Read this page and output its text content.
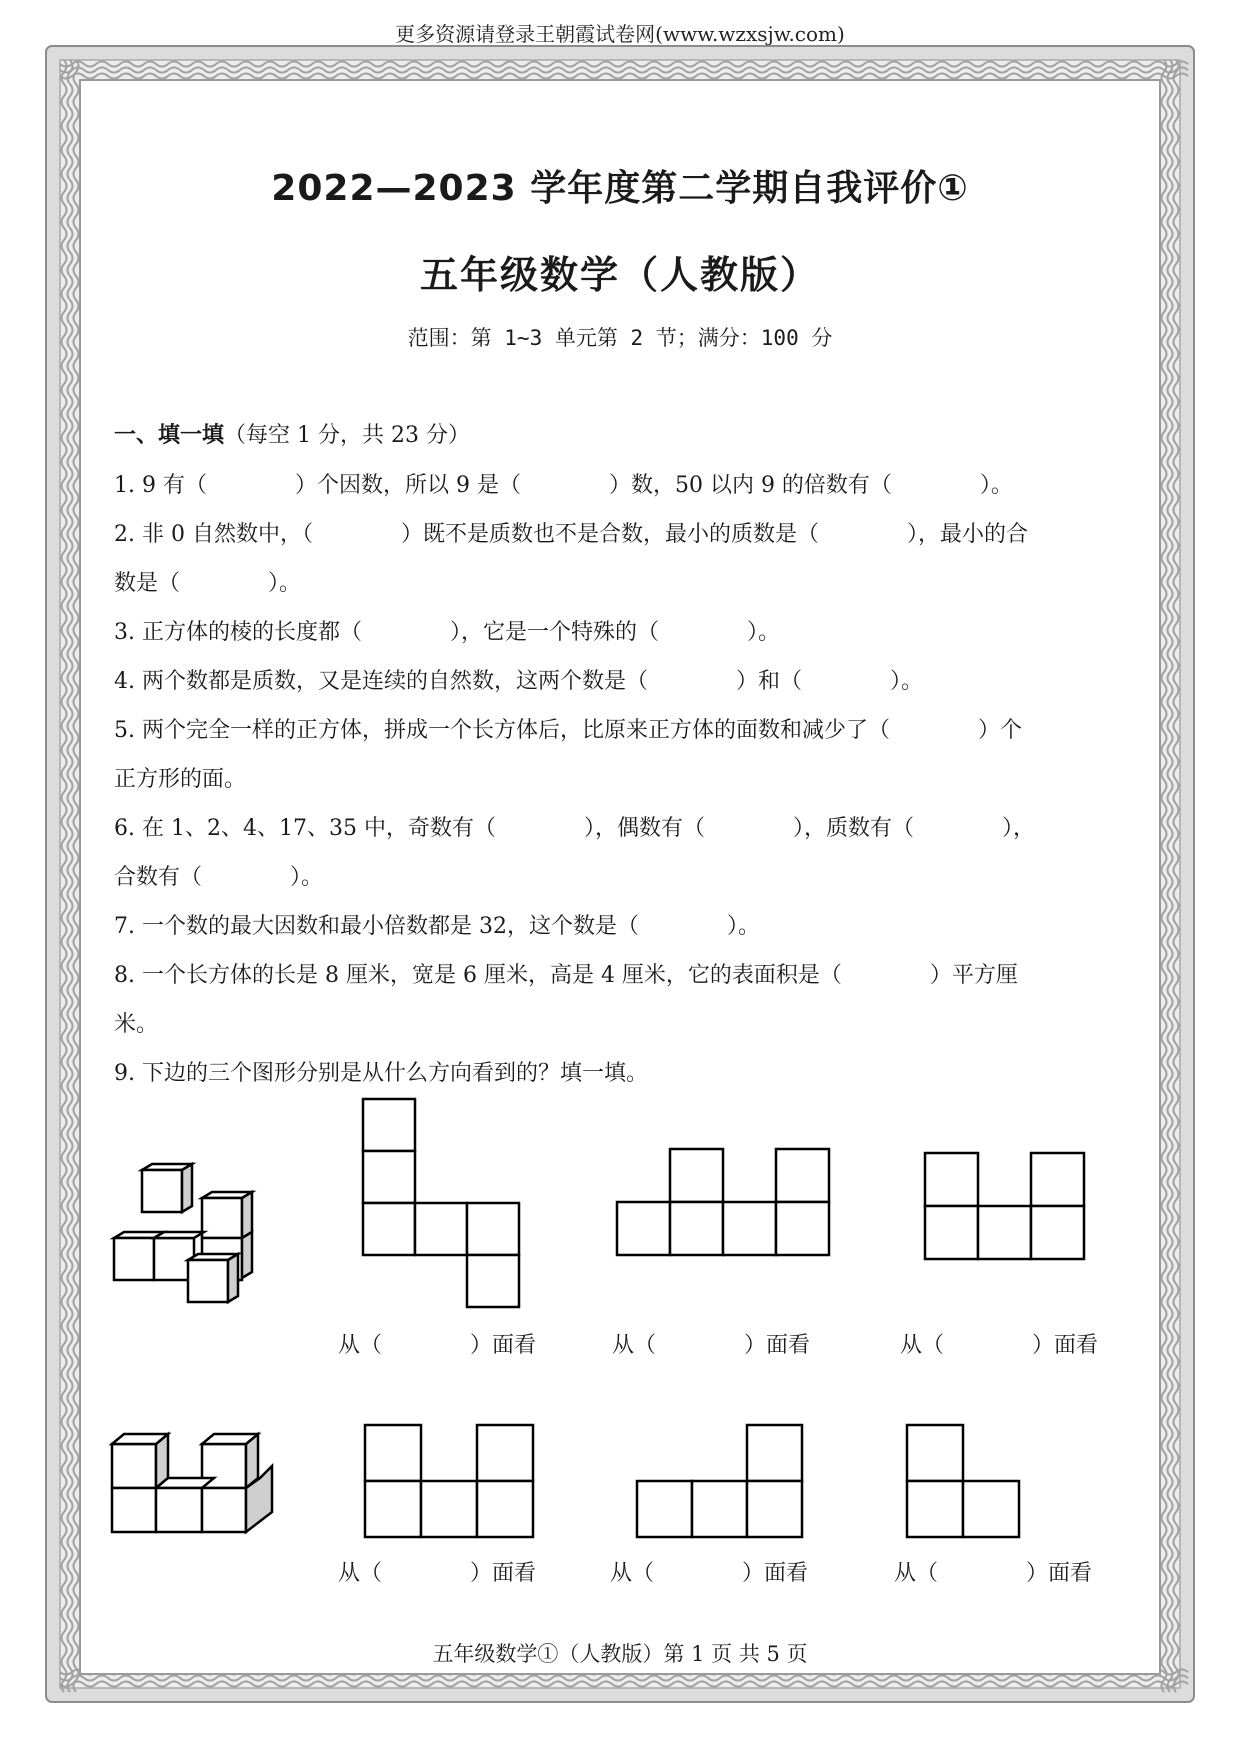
更多资源请登录王朝霞试卷网(www.wzxsjw.com)
2022—2023 学年度第二学期自我评价①
五年级数学（人教版）
范围：第 1~3 单元第 2 节；满分：100 分
一、填一填（每空 1 分，共 23 分）
1. 9 有（　　　　）个因数，所以 9 是（　　　　）数，50 以内 9 的倍数有（　　　　）。
2. 非 0 自然数中，（　　　　）既不是质数也不是合数，最小的质数是（　　　　），最小的合
数是（　　　　）。
3. 正方体的棱的长度都（　　　　），它是一个特殊的（　　　　）。
4. 两个数都是质数，又是连续的自然数，这两个数是（　　　　）和（　　　　）。
5. 两个完全一样的正方体，拼成一个长方体后，比原来正方体的面数和减少了（　　　　）个
正方形的面。
6. 在 1、2、4、17、35 中，奇数有（　　　　），偶数有（　　　　），质数有（　　　　），
合数有（　　　　）。
7. 一个数的最大因数和最小倍数都是 32，这个数是（　　　　）。
8. 一个长方体的长是 8 厘米，宽是 6 厘米，高是 4 厘米，它的表面积是（　　　　）平方厘
米。
9. 下边的三个图形分别是从什么方向看到的？填一填。
从（　　　　）面看	从（　　　　）面看	从（　　　　）面看
从（　　　　）面看	从（　　　　）面看	从（　　　　）面看
五年级数学①（人教版）第 1 页 共 5 页
